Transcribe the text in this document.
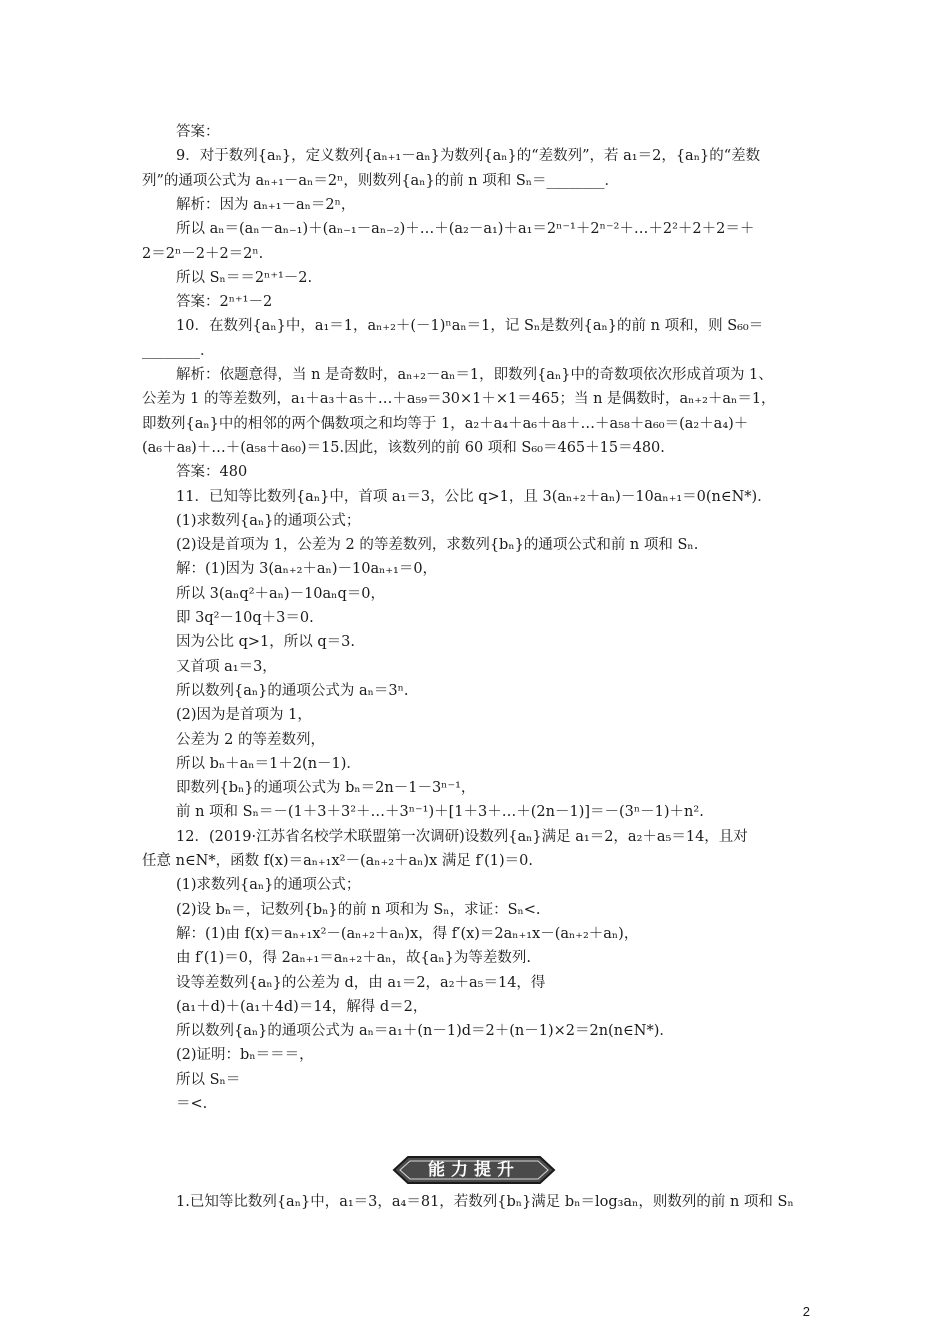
答案：
9．对于数列{aₙ}，定义数列{aₙ₊₁－aₙ}为数列{aₙ}的“差数列”，若 a₁＝2，{aₙ}的“差数
列”的通项公式为 aₙ₊₁－aₙ＝2ⁿ，则数列{aₙ}的前 n 项和 Sₙ＝________．
解析：因为 aₙ₊₁－aₙ＝2ⁿ，
所以 aₙ＝(aₙ－aₙ₋₁)＋(aₙ₋₁－aₙ₋₂)＋…＋(a₂－a₁)＋a₁＝2ⁿ⁻¹＋2ⁿ⁻²＋…＋2²＋2＋2＝＋
2＝2ⁿ－2＋2＝2ⁿ.
所以 Sₙ＝＝2ⁿ⁺¹－2.
答案：2ⁿ⁺¹－2
10．在数列{aₙ}中，a₁＝1，aₙ₊₂＋(－1)ⁿaₙ＝1，记 Sₙ是数列{aₙ}的前 n 项和，则 S₆₀＝
________．
解析：依题意得，当 n 是奇数时，aₙ₊₂－aₙ＝1，即数列{aₙ}中的奇数项依次形成首项为 1、
公差为 1 的等差数列，a₁＋a₃＋a₅＋…＋a₅₉＝30×1＋×1＝465；当 n 是偶数时，aₙ₊₂＋aₙ＝1，
即数列{aₙ}中的相邻的两个偶数项之和均等于 1，a₂＋a₄＋a₆＋a₈＋…＋a₅₈＋a₆₀＝(a₂＋a₄)＋
(a₆＋a₈)＋…＋(a₅₈＋a₆₀)＝15.因此，该数列的前 60 项和 S₆₀＝465＋15＝480.
答案：480
11．已知等比数列{aₙ}中，首项 a₁＝3，公比 q>1，且 3(aₙ₊₂＋aₙ)－10aₙ₊₁＝0(n∈N*)．
(1)求数列{aₙ}的通项公式；
(2)设是首项为 1，公差为 2 的等差数列，求数列{bₙ}的通项公式和前 n 项和 Sₙ.
解：(1)因为 3(aₙ₊₂＋aₙ)－10aₙ₊₁＝0，
所以 3(aₙq²＋aₙ)－10aₙq＝0，
即 3q²－10q＋3＝0.
因为公比 q>1，所以 q＝3.
又首项 a₁＝3，
所以数列{aₙ}的通项公式为 aₙ＝3ⁿ.
(2)因为是首项为 1，
公差为 2 的等差数列，
所以 bₙ＋aₙ＝1＋2(n－1)．
即数列{bₙ}的通项公式为 bₙ＝2n－1－3ⁿ⁻¹，
前 n 项和 Sₙ＝－(1＋3＋3²＋…＋3ⁿ⁻¹)＋[1＋3＋…＋(2n－1)]＝－(3ⁿ－1)＋n².
12．(2019·江苏省名校学术联盟第一次调研)设数列{aₙ}满足 a₁＝2，a₂＋a₅＝14，且对
任意 n∈N*，函数 f(x)＝aₙ₊₁x²－(aₙ₊₂＋aₙ)x 满足 f′(1)＝0.
(1)求数列{aₙ}的通项公式；
(2)设 bₙ＝，记数列{bₙ}的前 n 项和为 Sₙ，求证：Sₙ<.
解：(1)由 f(x)＝aₙ₊₁x²－(aₙ₊₂＋aₙ)x，得 f′(x)＝2aₙ₊₁x－(aₙ₊₂＋aₙ)，
由 f′(1)＝0，得 2aₙ₊₁＝aₙ₊₂＋aₙ，故{aₙ}为等差数列.
设等差数列{aₙ}的公差为 d，由 a₁＝2，a₂＋a₅＝14，得
(a₁＋d)＋(a₁＋4d)＝14，解得 d＝2，
所以数列{aₙ}的通项公式为 aₙ＝a₁＋(n－1)d＝2＋(n－1)×2＝2n(n∈N*)．
(2)证明：bₙ＝＝＝，
所以 Sₙ＝
＝<.
能力提升
1.已知等比数列{aₙ}中，a₁＝3，a₄＝81，若数列{bₙ}满足 bₙ＝log₃aₙ，则数列的前 n 项和 Sₙ
2
